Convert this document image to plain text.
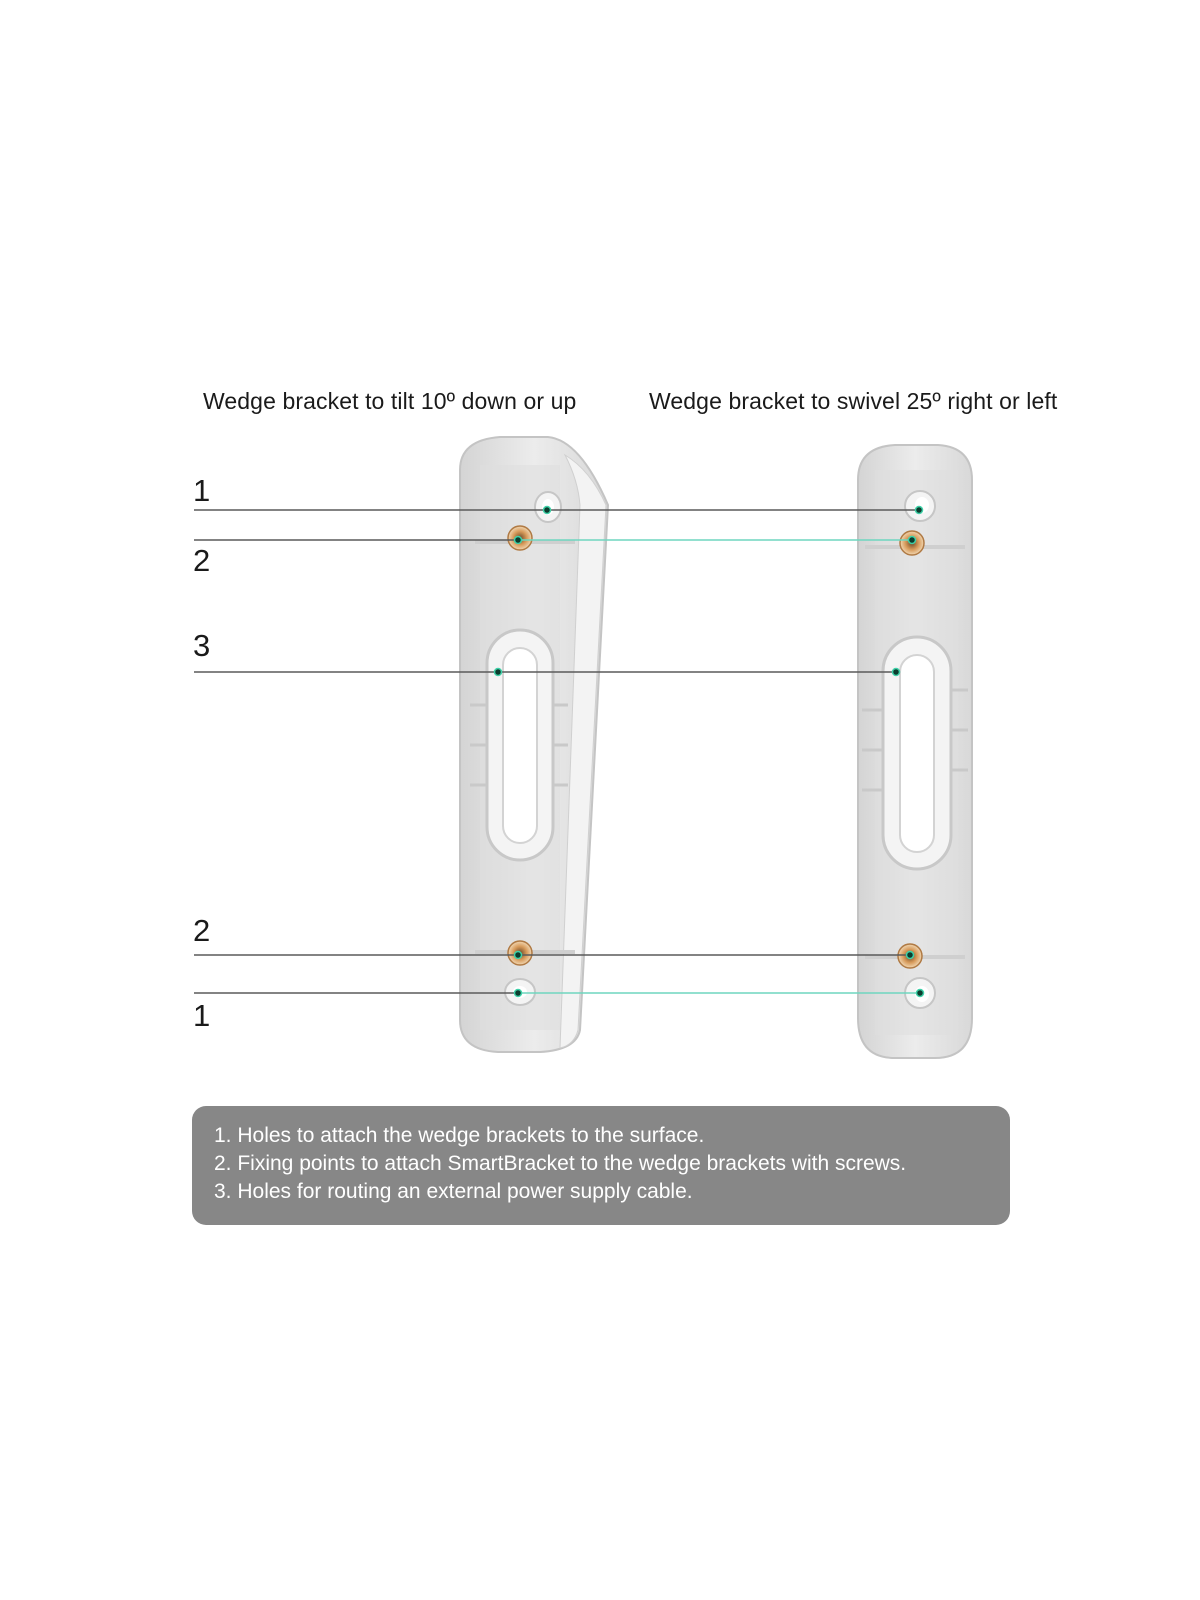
Wedge bracket to tilt 10º down or up	Wedge bracket to swivel 25º right or left
1
2
3
2
1
1. Holes to attach the wedge brackets to the surface.
2. Fixing points to attach SmartBracket to the wedge brackets with screws.
3. Holes for routing an external power supply cable.
